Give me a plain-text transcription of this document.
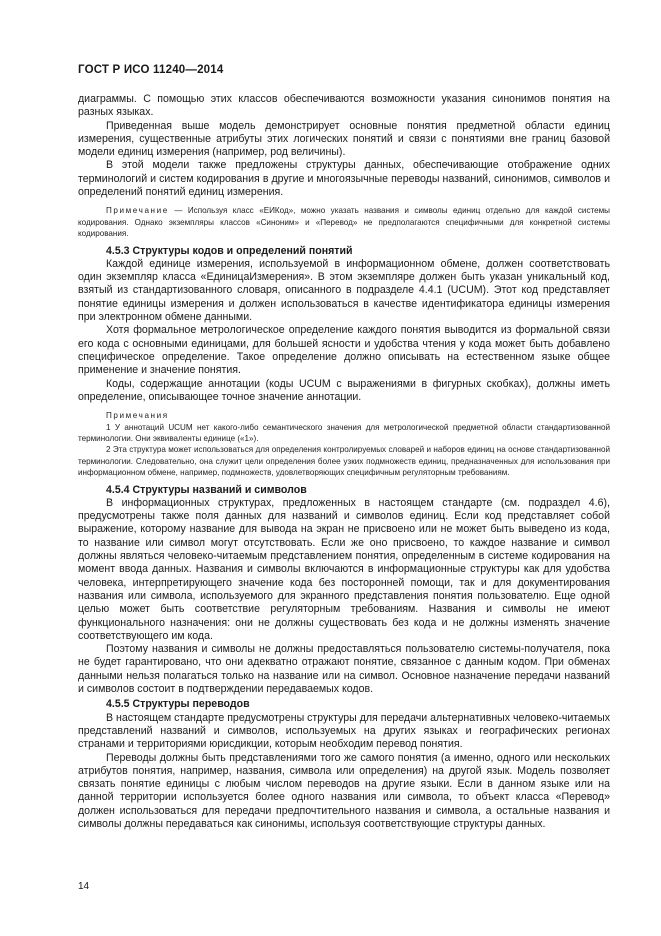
ГОСТ Р ИСО 11240—2014

диаграммы. С помощью этих классов обеспечиваются возможности указания синонимов понятия на разных языках.

Приведенная выше модель демонстрирует основные понятия предметной области единиц измерения, существенные атрибуты этих логических понятий и связи с понятиями вне границ базовой модели единиц измерения (например, род величины).

В этой модели также предложены структуры данных, обеспечивающие отображение одних терминологий и систем кодирования в другие и многоязычные переводы названий, синонимов, символов и определений понятий единиц измерения.

Примечание — Используя класс «ЕИКод», можно указать названия и символы единиц отдельно для каждой системы кодирования. Однако экземпляры классов «Синоним» и «Перевод» не предполагаются специфичными для конкретной системы кодирования.

4.5.3 Структуры кодов и определений понятий

Каждой единице измерения, используемой в информационном обмене, должен соответствовать один экземпляр класса «ЕдиницаИзмерения». В этом экземпляре должен быть указан уникальный код, взятый из стандартизованного словаря, описанного в подразделе 4.4.1 (UCUM). Этот код представляет понятие единицы измерения и должен использоваться в качестве идентификатора единицы измерения при электронном обмене данными.

Хотя формальное метрологическое определение каждого понятия выводится из формальной связи его кода с основными единицами, для большей ясности и удобства чтения у кода может быть добавлено специфическое определение. Такое определение должно описывать на естественном языке общее применение и значение понятия.

Коды, содержащие аннотации (коды UCUM с выражениями в фигурных скобках), должны иметь определение, описывающее точное значение аннотации.

Примечания

1 У аннотаций UCUM нет какого-либо семантического значения для метрологической предметной области стандартизованной терминологии. Они эквиваленты единице («1»).

2 Эта структура может использоваться для определения контролируемых словарей и наборов единиц на основе стандартизованной терминологии. Следовательно, она служит цели определения более узких подмножеств единиц, предназначенных для использования при информационном обмене, например, подмножеств, удовлетворяющих специфичным регуляторным требованиям.

4.5.4 Структуры названий и символов

В информационных структурах, предложенных в настоящем стандарте (см. подраздел 4.6), предусмотрены также поля данных для названий и символов единиц. Если код представляет собой выражение, которому название для вывода на экран не присвоено или не может быть выведено из кода, то название или символ могут отсутствовать. Если же оно присвоено, то каждое название и символ должны являться человеко-читаемым представлением понятия, определенным в системе кодирования на момент ввода данных. Названия и символы включаются в информационные структуры как для удобства человека, интерпретирующего значение кода без посторонней помощи, так и для документирования названия или символа, используемого для экранного представления понятия пользователю. Еще одной целью может быть соответствие регуляторным требованиям. Названия и символы не имеют функционального назначения: они не должны существовать без кода и не должны изменять значение соответствующего им кода.

Поэтому названия и символы не должны предоставляться пользователю системы-получателя, пока не будет гарантировано, что они адекватно отражают понятие, связанное с данным кодом. При обменах данными нельзя полагаться только на название или на символ. Основное назначение передачи названий и символов состоит в подтверждении передаваемых кодов.

4.5.5 Структуры переводов

В настоящем стандарте предусмотрены структуры для передачи альтернативных человеко-читаемых представлений названий и символов, используемых на других языках и географических регионах странами и территориями юрисдикции, которым необходим перевод понятия.

Переводы должны быть представлениями того же самого понятия (а именно, одного или нескольких атрибутов понятия, например, названия, символа или определения) на другой язык. Модель позволяет связать понятие единицы с любым числом переводов на другие языки. Если в данном языке или на данной территории используется более одного названия или символа, то объект класса «Перевод» должен использоваться для передачи предпочтительного названия и символа, а остальные названия и символы должны передаваться как синонимы, используя соответствующие структуры данных.

14
